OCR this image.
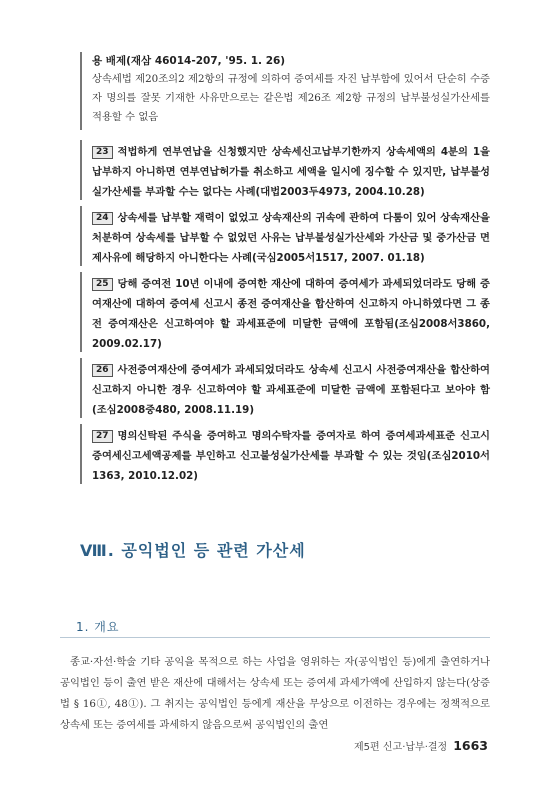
용 배제(재삼 46014-207, '95. 1. 26)
상속세법 제20조의2 제2항의 규정에 의하여 증여세를 자진 납부함에 있어서 단순히 수증자 명의를 잘못 기재한 사유만으로는 같은법 제26조 제2항 규정의 납부불성실가산세를 적용할 수 없음
23 적법하게 연부연납을 신청했지만 상속세신고납부기한까지 상속세액의 4분의 1을 납부하지 아니하면 연부연납허가를 취소하고 세액을 일시에 징수할 수 있지만, 납부불성실가산세를 부과할 수는 없다는 사례(대법2003두4973, 2004.10.28)
24 상속세를 납부할 재력이 없었고 상속재산의 귀속에 관하여 다툼이 있어 상속재산을 처분하여 상속세를 납부할 수 없었던 사유는 납부불성실가산세와 가산금 및 중가산금 면제사유에 해당하지 아니한다는 사례(국심2005서1517, 2007. 01.18)
25 당해 증여전 10년 이내에 증여한 재산에 대하여 증여세가 과세되었더라도 당해 증여재산에 대하여 증여세 신고시 종전 증여재산을 합산하여 신고하지 아니하였다면 그 종전 증여재산은 신고하여야 할 과세표준에 미달한 금액에 포함됨(조심2008서3860, 2009.02.17)
26 사전증여재산에 증여세가 과세되었더라도 상속세 신고시 사전증여재산을 합산하여 신고하지 아니한 경우 신고하여야 할 과세표준에 미달한 금액에 포함된다고 보아야 함(조심2008중480, 2008.11.19)
27 명의신탁된 주식을 증여하고 명의수탁자를 증여자로 하여 증여세과세표준 신고시 증여세신고세액공제를 부인하고 신고불성실가산세를 부과할 수 있는 것임(조심2010서1363, 2010.12.02)
Ⅷ. 공익법인 등 관련 가산세
1. 개요
종교·자선·학술 기타 공익을 목적으로 하는 사업을 영위하는 자(공익법인 등)에게 출연하거나 공익법인 등이 출연 받은 재산에 대해서는 상속세 또는 증여세 과세가액에 산입하지 않는다(상증법 § 16①, 48①). 그 취지는 공익법인 등에게 재산을 무상으로 이전하는 경우에는 정책적으로 상속세 또는 증여세를 과세하지 않음으로써 공익법인의 출연
제5편 신고·납부·결정 1663
